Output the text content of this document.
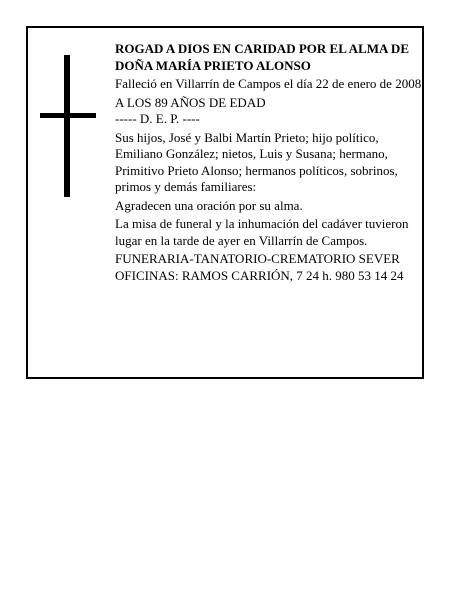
ROGAD A DIOS EN CARIDAD POR EL ALMA DE

DOÑA MARÍA PRIETO ALONSO

Falleció en Villarrín de Campos el día 22 de enero de 2008

A LOS 89 AÑOS DE EDAD

----- D. E. P. ----

Sus hijos, José y Balbi Martín Prieto; hijo político, Emiliano González; nietos, Luis y Susana; hermano, Primitivo Prieto Alonso; hermanos políticos, sobrinos, primos y demás familiares:

Agradecen una oración por su alma.

La misa de funeral y la inhumación del cadáver tuvieron lugar en la tarde de ayer en Villarrín de Campos.

FUNERARIA-TANATORIO-CREMATORIO SEVER

OFICINAS: RAMOS CARRIÓN, 7 24 h. 980 53 14 24
